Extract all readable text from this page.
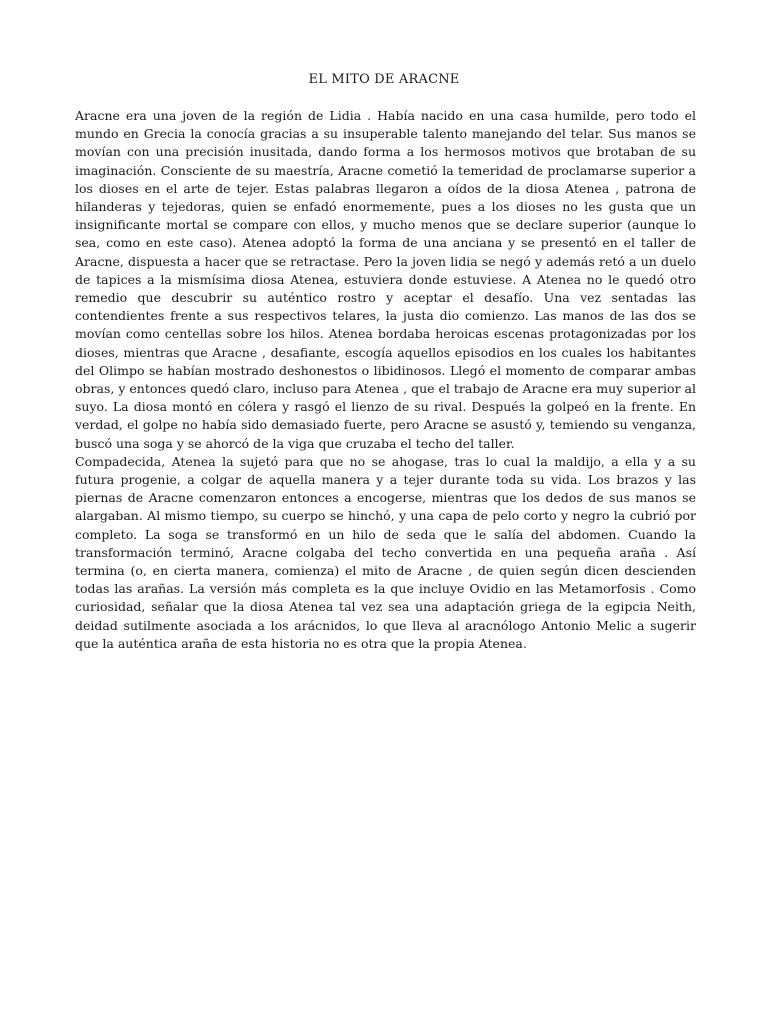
EL MITO DE ARACNE

Aracne era una joven de la región de Lidia . Había nacido en una casa humilde, pero todo el mundo en Grecia la conocía gracias a su insuperable talento manejando del telar. Sus manos se movían con una precisión inusitada, dando forma a los hermosos motivos que brotaban de su imaginación. Consciente de su maestría, Aracne cometió la temeridad de proclamarse superior a los dioses en el arte de tejer. Estas palabras llegaron a oídos de la diosa Atenea , patrona de hilanderas y tejedoras, quien se enfadó enormemente, pues a los dioses no les gusta que un insignificante mortal se compare con ellos, y mucho menos que se declare superior (aunque lo sea, como en este caso). Atenea adoptó la forma de una anciana y se presentó en el taller de Aracne, dispuesta a hacer que se retractase. Pero la joven lidia se negó y además retó a un duelo de tapices a la mismísima diosa Atenea, estuviera donde estuviese. A Atenea no le quedó otro remedio que descubrir su auténtico rostro y aceptar el desafío. Una vez sentadas las contendientes frente a sus respectivos telares, la justa dio comienzo. Las manos de las dos se movían como centellas sobre los hilos. Atenea bordaba heroicas escenas protagonizadas por los dioses, mientras que Aracne , desafiante, escogía aquellos episodios en los cuales los habitantes del Olimpo se habían mostrado deshonestos o libidinosos. Llegó el momento de comparar ambas obras, y entonces quedó claro, incluso para Atenea , que el trabajo de Aracne era muy superior al suyo. La diosa montó en cólera y rasgó el lienzo de su rival. Después la golpeó en la frente. En verdad, el golpe no había sido demasiado fuerte, pero Aracne se asustó y, temiendo su venganza, buscó una soga y se ahorcó de la viga que cruzaba el techo del taller.

Compadecida, Atenea la sujetó para que no se ahogase, tras lo cual la maldijo, a ella y a su futura progenie, a colgar de aquella manera y a tejer durante toda su vida. Los brazos y las piernas de Aracne comenzaron entonces a encogerse, mientras que los dedos de sus manos se alargaban. Al mismo tiempo, su cuerpo se hinchó, y una capa de pelo corto y negro la cubrió por completo. La soga se transformó en un hilo de seda que le salía del abdomen. Cuando la transformación terminó, Aracne colgaba del techo convertida en una pequeña araña . Así termina (o, en cierta manera, comienza) el mito de Aracne , de quien según dicen descienden todas las arañas. La versión más completa es la que incluye Ovidio en las Metamorfosis . Como curiosidad, señalar que la diosa Atenea tal vez sea una adaptación griega de la egipcia Neith, deidad sutilmente asociada a los arácnidos, lo que lleva al aracnólogo Antonio Melic a sugerir que la auténtica araña de esta historia no es otra que la propia Atenea.
